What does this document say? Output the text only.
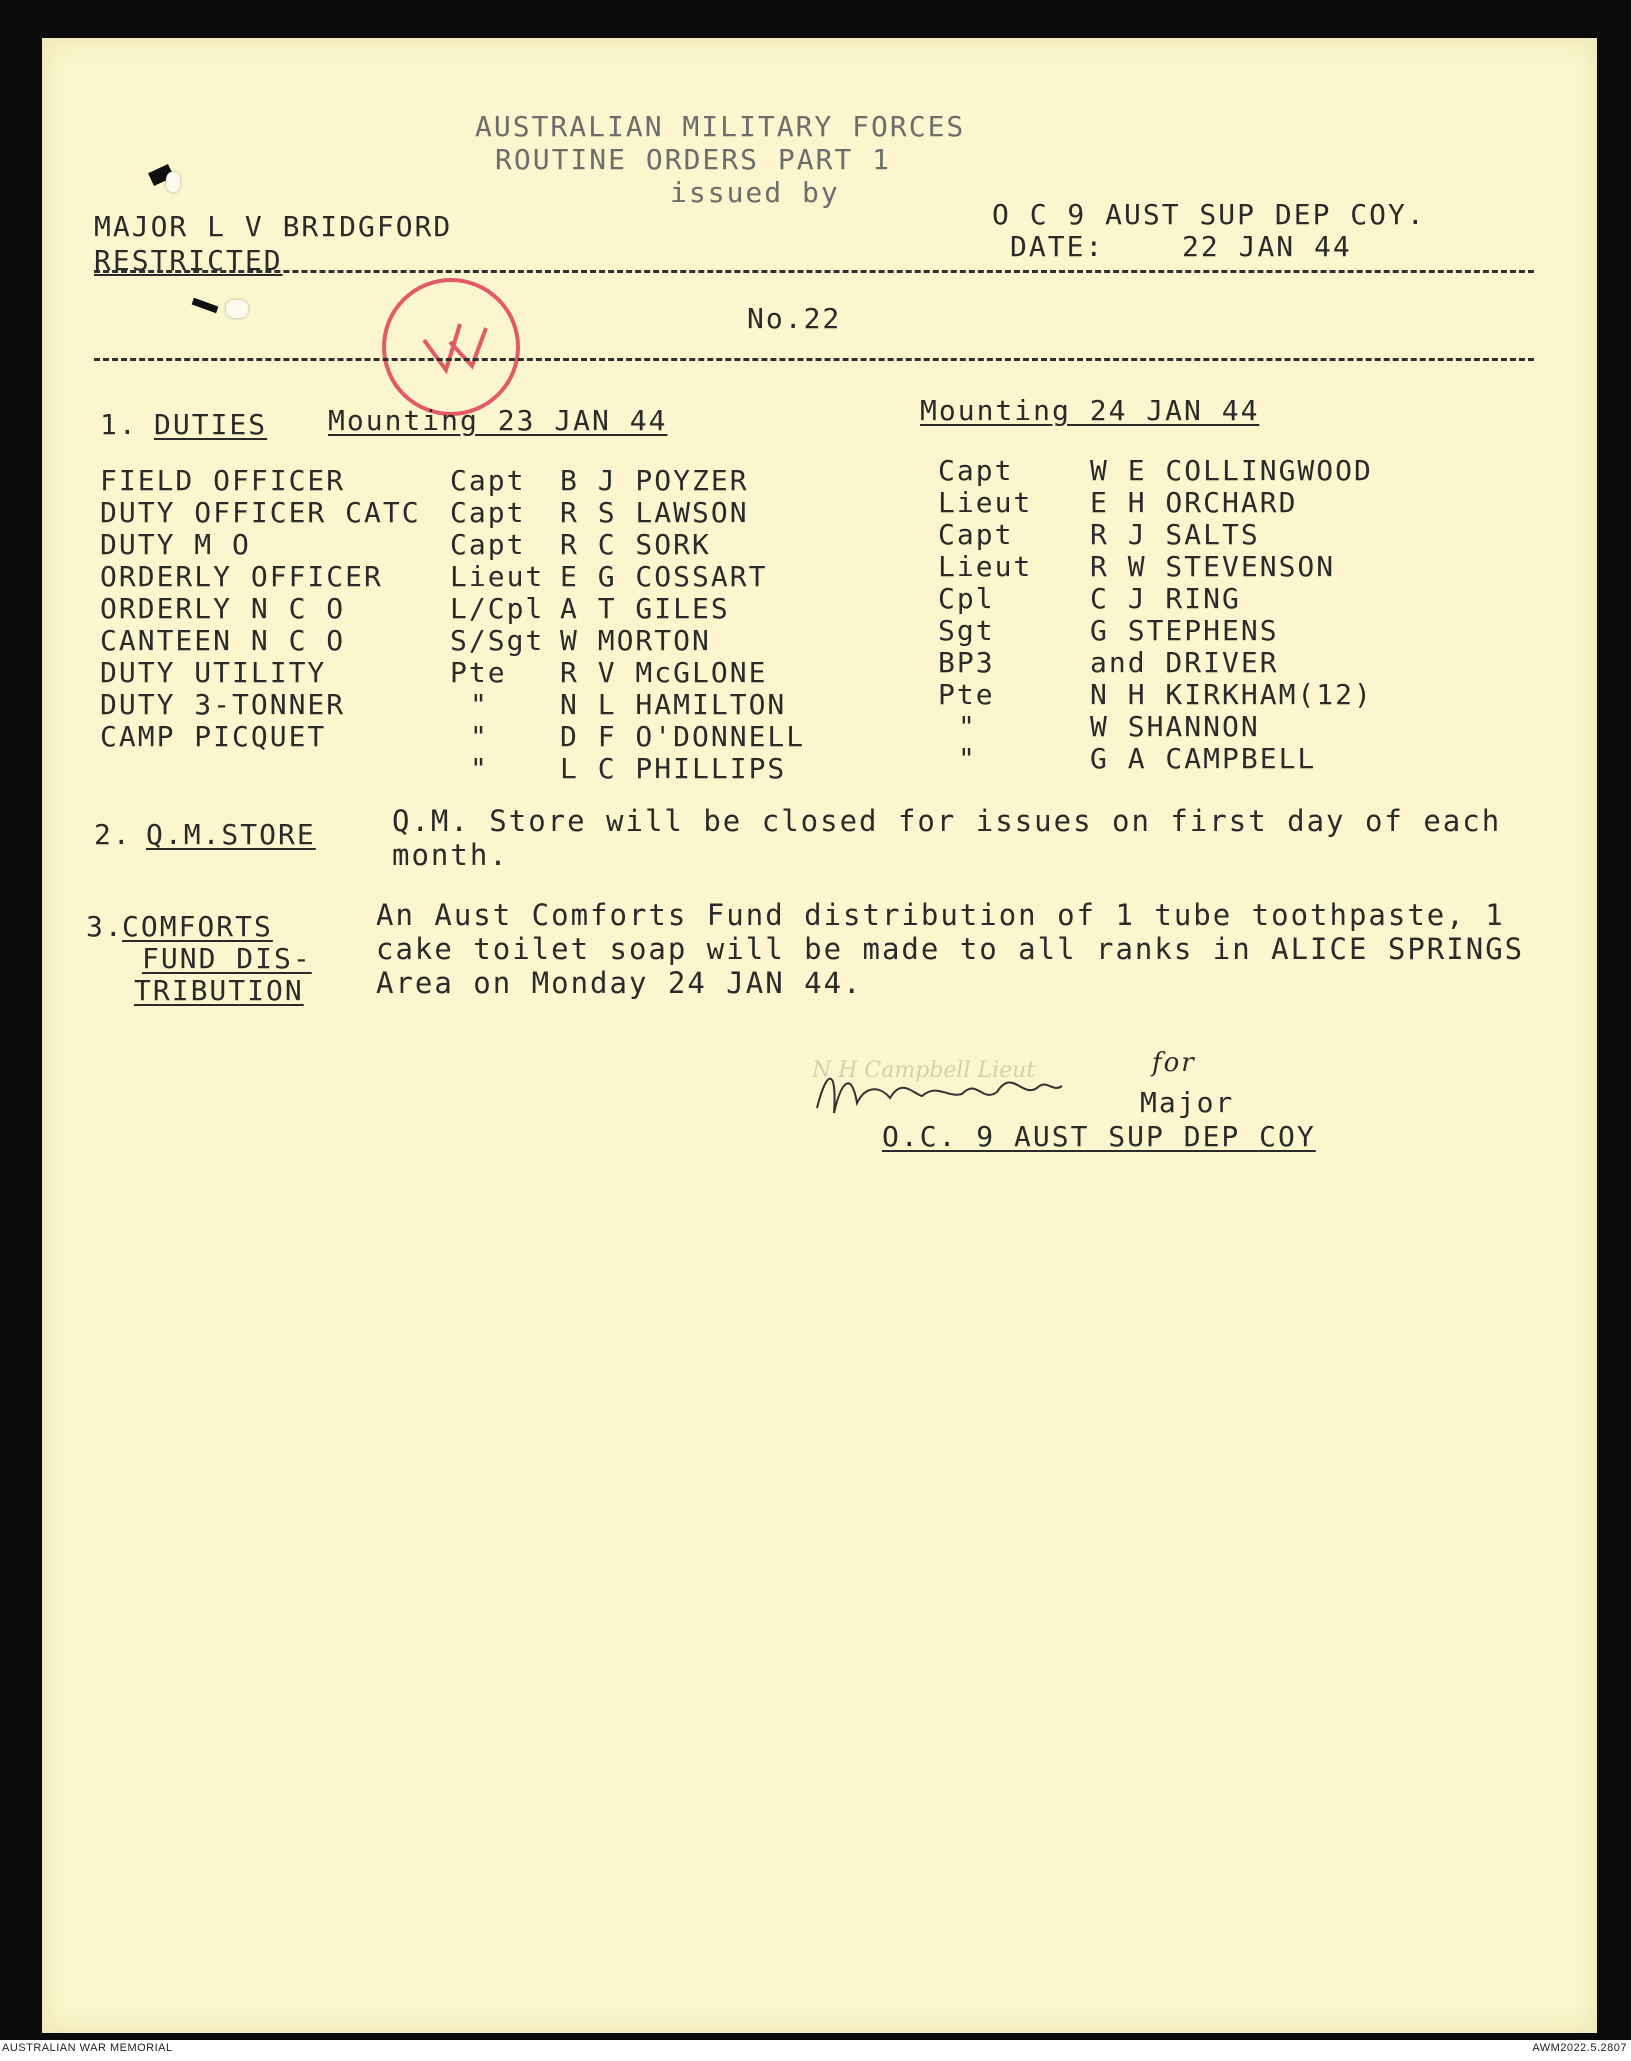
AUSTRALIAN MILITARY FORCES
ROUTINE ORDERS PART 1
issued by
MAJOR L V BRIDGFORD
RESTRICTED
O C 9 AUST SUP DEP COY.
DATE:	22 JAN 44
No.22
1. DUTIES Mounting 23 JAN 44	Mounting 24 JAN 44
FIELD OFFICER	Capt B J POYZER	Capt	W E COLLINGWOOD
DUTY OFFICER CATC Capt R S LAWSON	Lieut E H ORCHARD
DUTY M O	Capt R C SORK	Capt	R J SALTS
ORDERLY OFFICER Lieut E G COSSART	Lieut R W STEVENSON
ORDERLY N C O	L/Cpl A T GILES	Cpl	C J RING
CANTEEN N C O	S/Sgt W MORTON	Sgt	G STEPHENS
DUTY UTILITY	Pte R V McGLONE	BP3	and DRIVER
DUTY 3-TONNER	"	N L HAMILTON	Pte	N H KIRKHAM(12)
CAMP PICQUET	"	D F O'DONNELL	"	W SHANNON
"	L C PHILLIPS	"	G A CAMPBELL
2. Q.M.STORE	Q.M. Store will be closed for issues on first day of each month.
3.
COMFORTS
FUND DIS-
TRIBUTION
An Aust Comforts Fund distribution of 1 tube toothpaste, 1 cake toilet soap will be made to all ranks in ALICE SPRINGS Area on Monday 24 JAN 44.
N H Campbell Lieut	for
Major
O.C. 9 AUST SUP DEP COY
AUSTRALIAN WAR MEMORIAL	AWM2022.5.2807
